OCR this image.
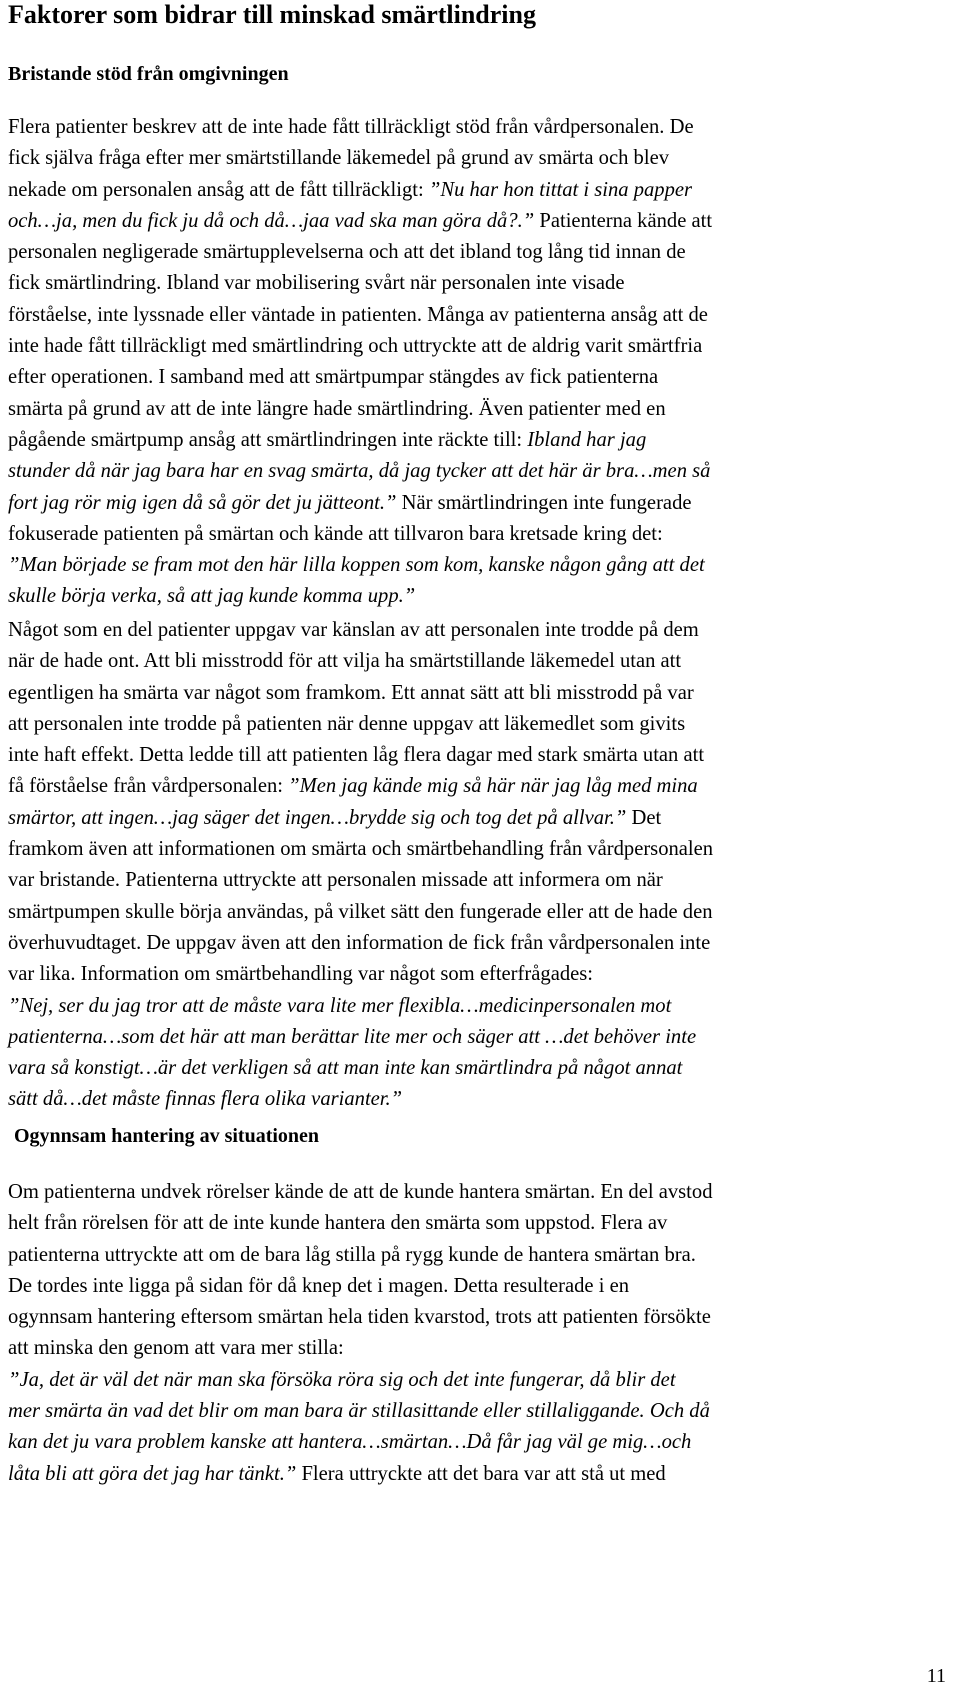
Faktorer som bidrar till minskad smärtlindring
Bristande stöd från omgivningen
Flera patienter beskrev att de inte hade fått tillräckligt stöd från vårdpersonalen. De
fick själva fråga efter mer smärtstillande läkemedel på grund av smärta och blev
nekade om personalen ansåg att de fått tillräckligt: ”Nu har hon tittat i sina papper
och…ja, men du fick ju då och då…jaa vad ska man göra då?.” Patienterna kände att
personalen negligerade smärtupplevelserna och att det ibland tog lång tid innan de
fick smärtlindring. Ibland var mobilisering svårt när personalen inte visade
förståelse, inte lyssnade eller väntade in patienten. Många av patienterna ansåg att de
inte hade fått tillräckligt med smärtlindring och uttryckte att de aldrig varit smärtfria
efter operationen. I samband med att smärtpumpar stängdes av fick patienterna
smärta på grund av att de inte längre hade smärtlindring. Även patienter med en
pågående smärtpump ansåg att smärtlindringen inte räckte till: Ibland har jag
stunder då när jag bara har en svag smärta, då jag tycker att det här är bra…men så
fort jag rör mig igen då så gör det ju jätteont.” När smärtlindringen inte fungerade
fokuserade patienten på smärtan och kände att tillvaron bara kretsade kring det:
”Man började se fram mot den här lilla koppen som kom, kanske någon gång att det
skulle börja verka, så att jag kunde komma upp.”
Något som en del patienter uppgav var känslan av att personalen inte trodde på dem
när de hade ont. Att bli misstrodd för att vilja ha smärtstillande läkemedel utan att
egentligen ha smärta var något som framkom. Ett annat sätt att bli misstrodd på var
att personalen inte trodde på patienten när denne uppgav att läkemedlet som givits
inte haft effekt. Detta ledde till att patienten låg flera dagar med stark smärta utan att
få förståelse från vårdpersonalen: ”Men jag kände mig så här när jag låg med mina
smärtor, att ingen…jag säger det ingen…brydde sig och tog det på allvar.” Det
framkom även att informationen om smärta och smärtbehandling från vårdpersonalen
var bristande. Patienterna uttryckte att personalen missade att informera om när
smärtpumpen skulle börja användas, på vilket sätt den fungerade eller att de hade den
överhuvudtaget. De uppgav även att den information de fick från vårdpersonalen inte
var lika. Information om smärtbehandling var något som efterfrågades:
”Nej, ser du jag tror att de måste vara lite mer flexibla…medicinpersonalen mot
patienterna…som det här att man berättar lite mer och säger att …det behöver inte
vara så konstigt…är det verkligen så att man inte kan smärtlindra på något annat
sätt då…det måste finnas flera olika varianter.”
Ogynnsam hantering av situationen
Om patienterna undvek rörelser kände de att de kunde hantera smärtan. En del avstod
helt från rörelsen för att de inte kunde hantera den smärta som uppstod. Flera av
patienterna uttryckte att om de bara låg stilla på rygg kunde de hantera smärtan bra.
De tordes inte ligga på sidan för då knep det i magen. Detta resulterade i en
ogynnsam hantering eftersom smärtan hela tiden kvarstod, trots att patienten försökte
att minska den genom att vara mer stilla:
”Ja, det är väl det när man ska försöka röra sig och det inte fungerar, då blir det
mer smärta än vad det blir om man bara är stillasittande eller stillaliggande. Och då
kan det ju vara problem kanske att hantera…smärtan…Då får jag väl ge mig…och
låta bli att göra det jag har tänkt.” Flera uttryckte att det bara var att stå ut med
11
